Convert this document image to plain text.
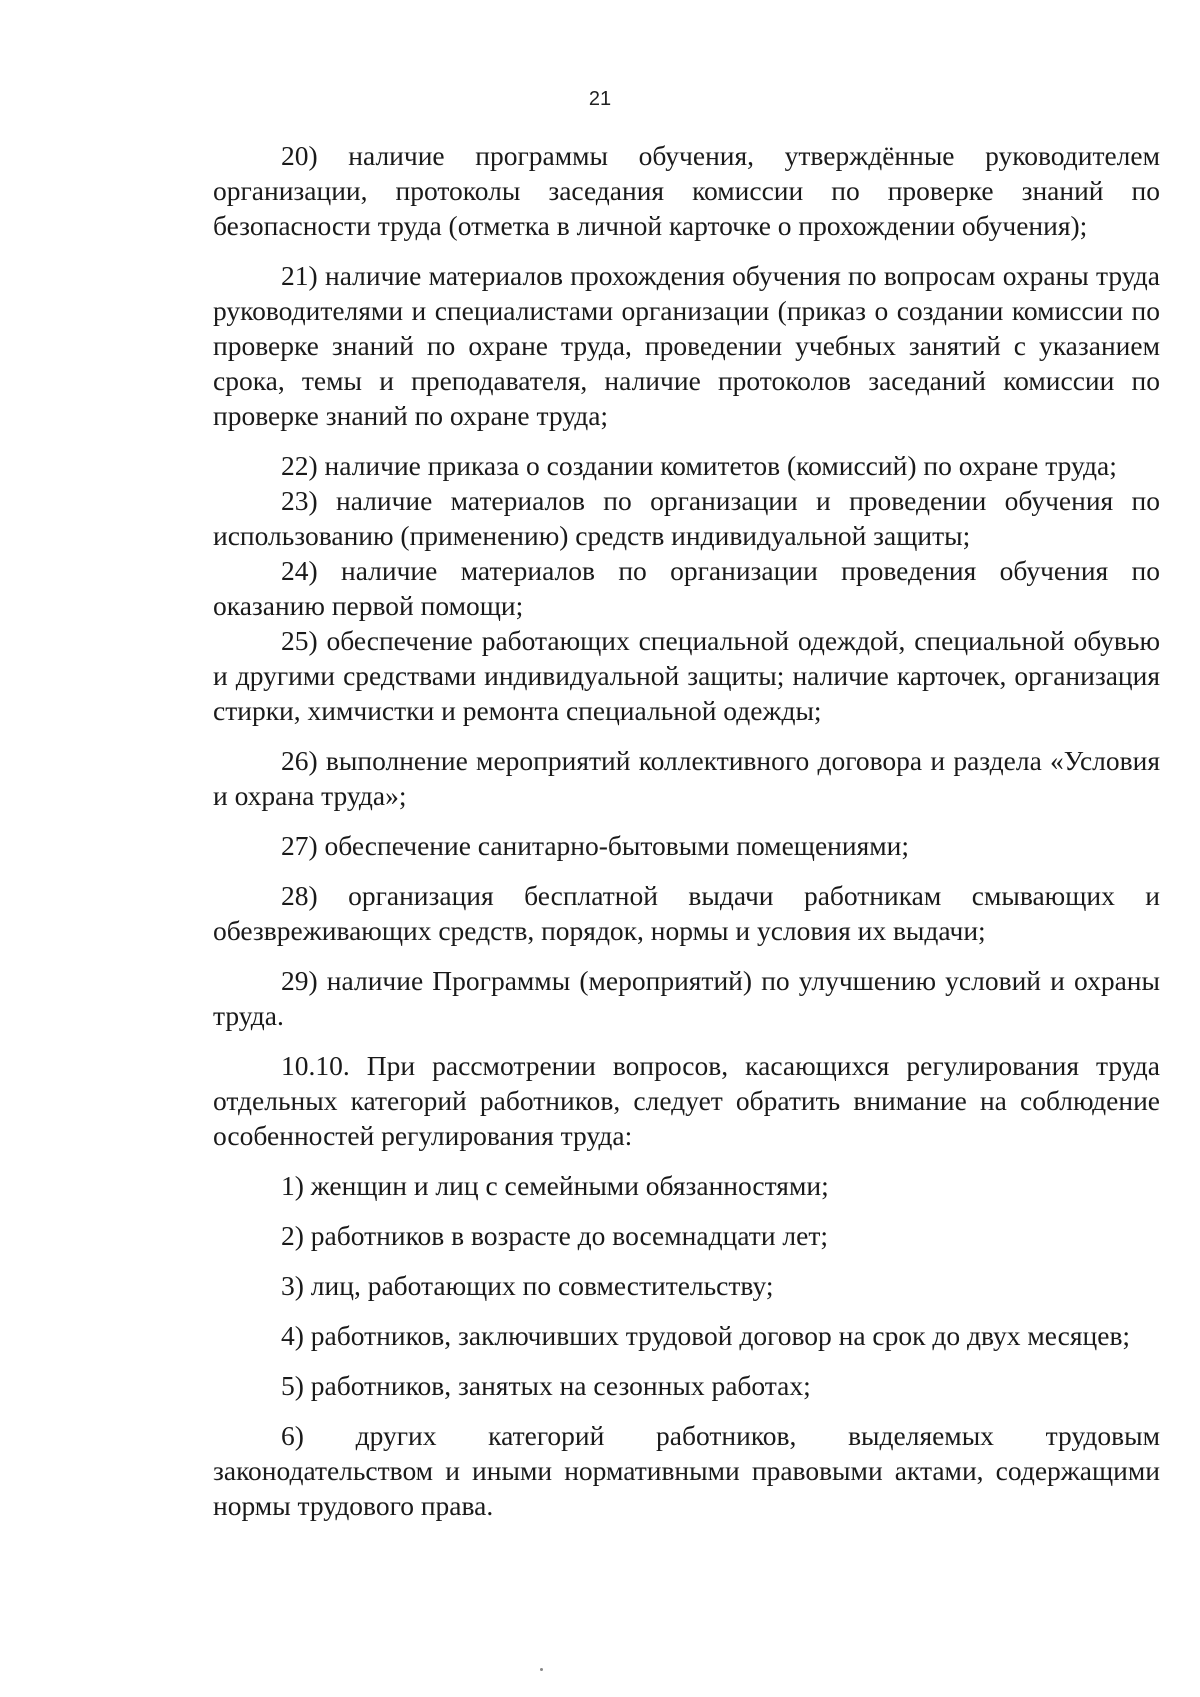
21

20) наличие программы обучения, утверждённые руководителем организации, протоколы заседания комиссии по проверке знаний по безопасности труда (отметка в личной карточке о прохождении обучения);

21) наличие материалов прохождения обучения по вопросам охраны труда руководителями и специалистами организации (приказ о создании комиссии по проверке знаний по охране труда, проведении учебных занятий с указанием срока, темы и преподавателя, наличие протоколов заседаний комиссии по проверке знаний по охране труда;

22) наличие приказа о создании комитетов (комиссий) по охране труда;

23) наличие материалов по организации и проведении обучения по использованию (применению) средств индивидуальной защиты;

24) наличие материалов по организации проведения обучения по оказанию первой помощи;

25) обеспечение работающих специальной одеждой, специальной обувью и другими средствами индивидуальной защиты; наличие карточек, организация стирки, химчистки и ремонта специальной одежды;

26) выполнение мероприятий коллективного договора и раздела «Условия и охрана труда»;

27) обеспечение санитарно-бытовыми помещениями;

28) организация бесплатной выдачи работникам смывающих и обезвреживающих средств, порядок, нормы и условия их выдачи;

29) наличие Программы (мероприятий) по улучшению условий и охраны труда.

10.10. При рассмотрении вопросов, касающихся регулирования труда отдельных категорий работников, следует обратить внимание на соблюдение особенностей регулирования труда:

1) женщин и лиц с семейными обязанностями;

2) работников в возрасте до восемнадцати лет;

3) лиц, работающих по совместительству;

4) работников, заключивших трудовой договор на срок до двух месяцев;

5) работников, занятых на сезонных работах;

6) других категорий работников, выделяемых трудовым законодательством и иными нормативными правовыми актами, содержащими нормы трудового права.
